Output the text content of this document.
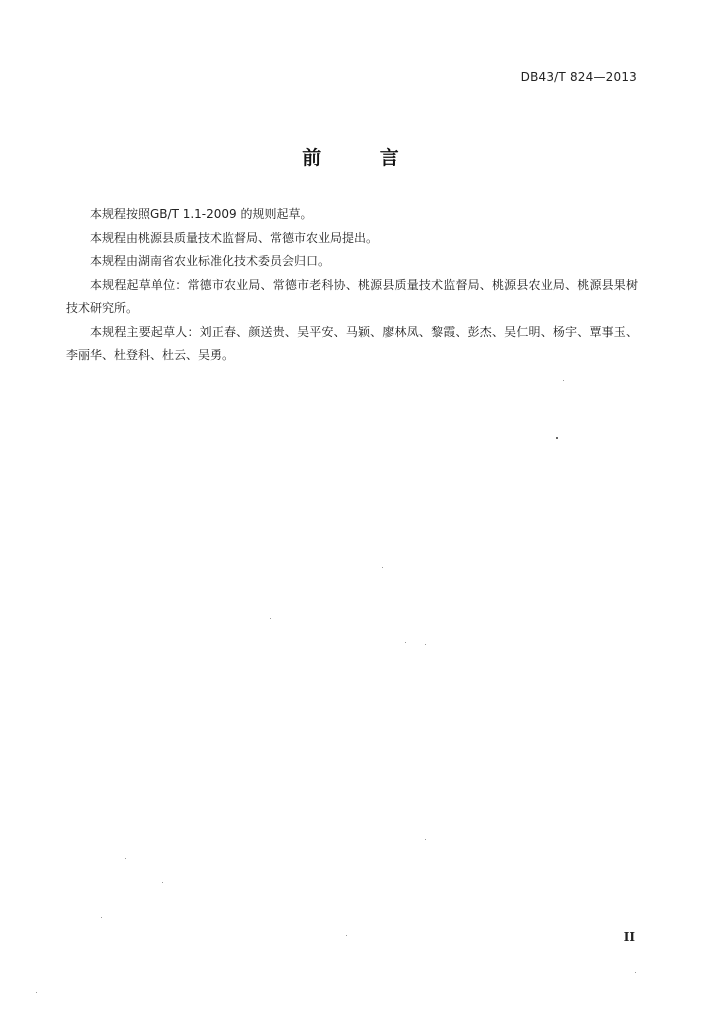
DB43/T 824—2013
前 言

本规程按照GB/T 1.1-2009 的规则起草。

本规程由桃源县质量技术监督局、常德市农业局提出。

本规程由湖南省农业标准化技术委员会归口。

本规程起草单位：常德市农业局、常德市老科协、桃源县质量技术监督局、桃源县农业局、桃源县果树技术研究所。

本规程主要起草人：刘正春、颜送贵、吴平安、马颖、廖林凤、黎霞、彭杰、吴仁明、杨宇、覃事玉、李丽华、杜登科、杜云、吴勇。

II
